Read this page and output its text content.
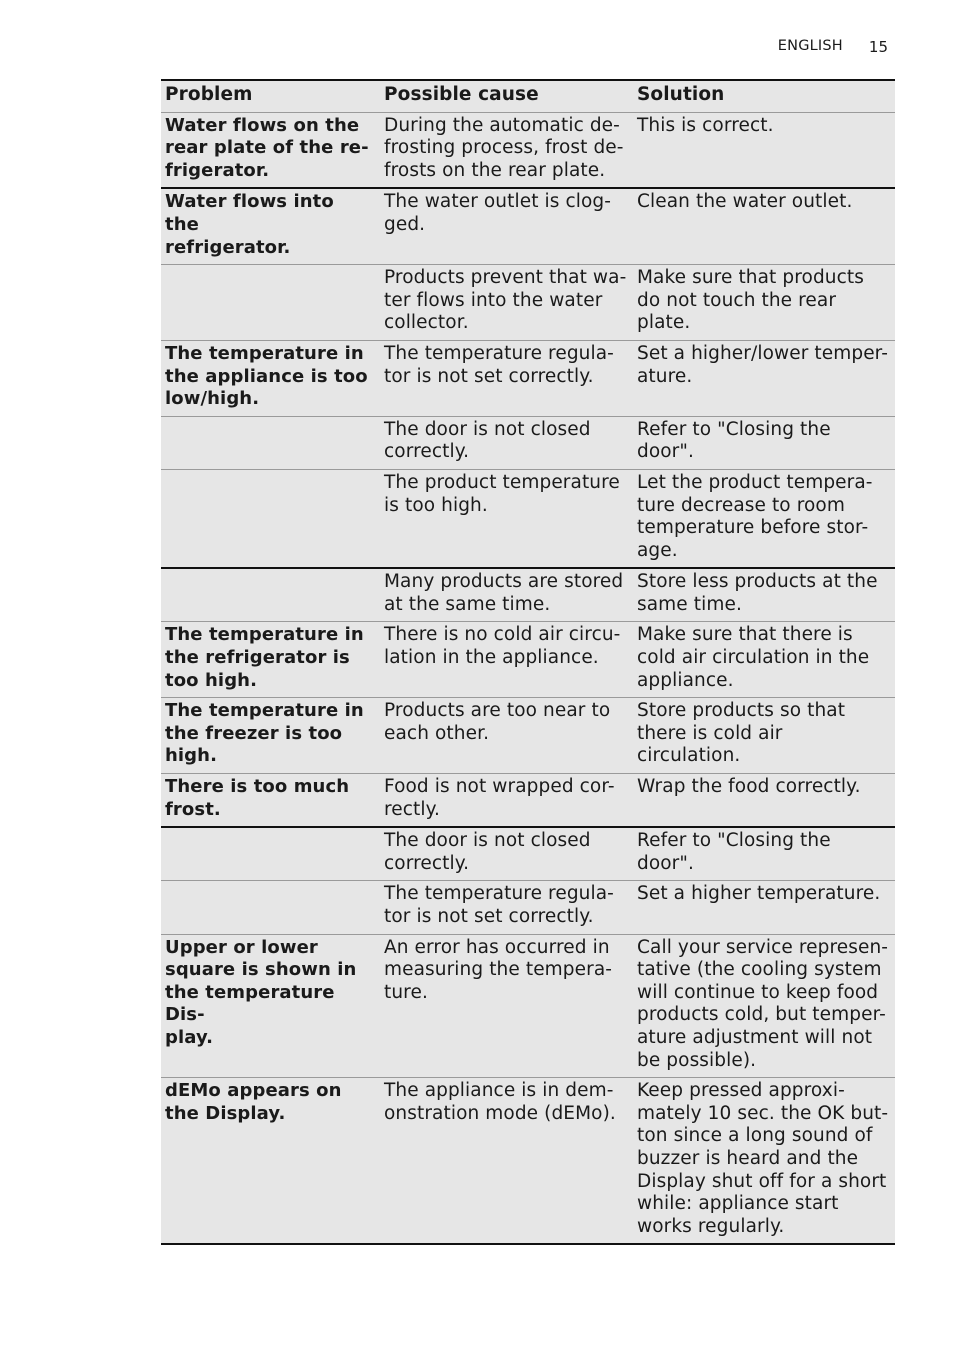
ENGLISH 15
Problem	Possible cause	Solution
Water flows on the
rear plate of the re-
frigerator.
During the automatic de-
frosting process, frost de-
frosts on the rear plate.
This is correct.
Water flows into the
refrigerator.
The water outlet is clog-
ged.
Clean the water outlet.
Products prevent that wa-
ter flows into the water
collector.
Make sure that products
do not touch the rear
plate.
The temperature in
the appliance is too
low/high.
The temperature regula-
tor is not set correctly.
Set a higher/lower temper-
ature.
The door is not closed
correctly.
Refer to "Closing the
door".
The product temperature
is too high.
Let the product tempera-
ture decrease to room
temperature before stor-
age.
Many products are stored
at the same time.
Store less products at the
same time.
The temperature in
the refrigerator is
too high.
There is no cold air circu-
lation in the appliance.
Make sure that there is
cold air circulation in the
appliance.
The temperature in
the freezer is too
high.
Products are too near to
each other.
Store products so that
there is cold air circulation.
There is too much
frost.
Food is not wrapped cor-
rectly.
Wrap the food correctly.
The door is not closed
correctly.
Refer to "Closing the
door".
The temperature regula-
tor is not set correctly.
Set a higher temperature.
Upper or lower
square is shown in
the temperature Dis-
play.
An error has occurred in
measuring the tempera-
ture.
Call your service represen-
tative (the cooling system
will continue to keep food
products cold, but temper-
ature adjustment will not
be possible).
dEMo appears on
the Display.
The appliance is in dem-
onstration mode (dEMo).
Keep pressed approxi-
mately 10 sec. the OK but-
ton since a long sound of
buzzer is heard and the
Display shut off for a short
while: appliance start
works regularly.
